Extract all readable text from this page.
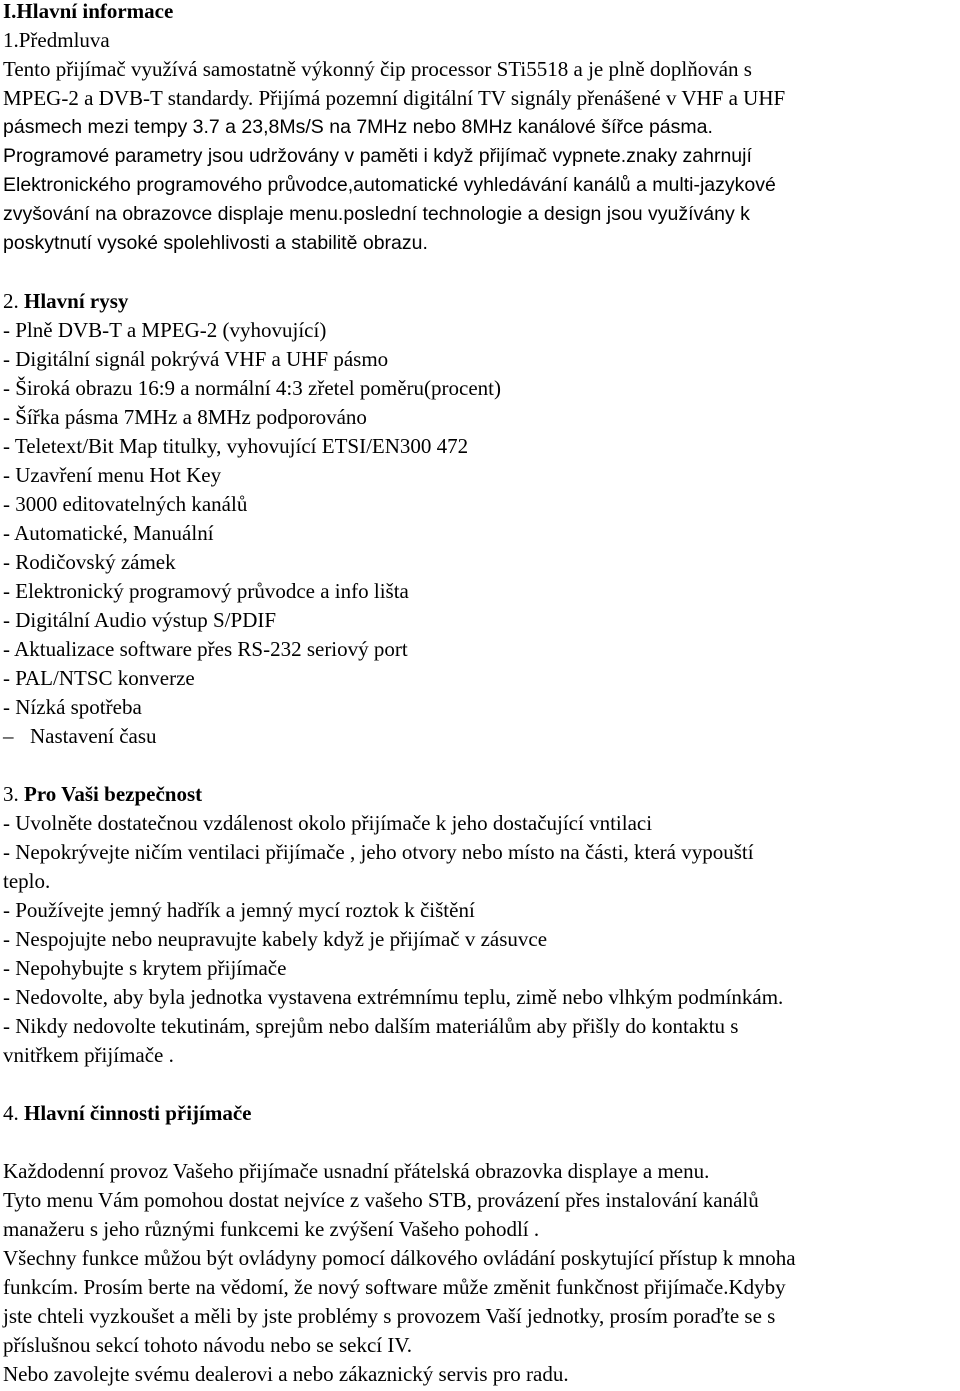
I.Hlavní informace
1.Předmluva
Tento přijímač využívá samostatně výkonný čip processor STi5518 a je plně doplňován s
MPEG-2 a DVB-T standardy. Přijímá pozemní digitální TV signály přenášené v VHF a UHF
pásmech mezi tempy 3.7 a 23,8Ms/S na 7MHz nebo 8MHz kanálové šířce pásma.
Programové parametry jsou udržovány v paměti i když přijímač vypnete.znaky zahrnují
Elektronického programového průvodce,automatické vyhledávání kanálů a multi-jazykové
zvyšování na obrazovce displaje menu.poslední technologie a design jsou využívány k
poskytnutí vysoké spolehlivosti a stabilitě obrazu.
2. Hlavní rysy
- Plně DVB-T a MPEG-2 (vyhovující)
- Digitální signál pokrývá VHF a UHF pásmo
- Široká obrazu 16:9 a normální 4:3 zřetel poměru(procent)
- Šířka pásma 7MHz a 8MHz podporováno
- Teletext/Bit Map titulky, vyhovující ETSI/EN300 472
- Uzavření menu Hot Key
- 3000 editovatelných kanálů
- Automatické, Manuální
- Rodičovský zámek
- Elektronický programový průvodce a info lišta
- Digitální Audio výstup S/PDIF
- Aktualizace software přes RS-232 seriový port
- PAL/NTSC konverze
- Nízká spotřeba
– Nastavení času
3. Pro Vaši bezpečnost
- Uvolněte dostatečnou vzdálenost okolo přijímače k jeho dostačující vntilaci
- Nepokrývejte ničím ventilaci přijímače , jeho otvory nebo místo na části, která vypouští
teplo.
- Používejte jemný hadřík a jemný mycí roztok k čištění
- Nespojujte nebo neupravujte kabely když je přijímač v zásuvce
- Nepohybujte s krytem přijímače
- Nedovolte, aby byla jednotka vystavena extrémnímu teplu, zimě nebo vlhkým podmínkám.
- Nikdy nedovolte tekutinám, sprejům nebo dalším materiálům aby přišly do kontaktu s
vnitřkem přijímače .
4. Hlavní činnosti přijímače
Každodenní provoz Vašeho přijímače usnadní přátelská obrazovka displaye a menu.
Tyto menu Vám pomohou dostat nejvíce z vašeho STB, provázení přes instalování kanálů
manažeru s jeho různými funkcemi ke zvýšení Vašeho pohodlí .
Všechny funkce můžou být ovládyny pomocí dálkového ovládání poskytující přístup k mnoha
funkcím. Prosím berte na vědomí, že nový software může změnit funkčnost přijímače.Kdyby
jste chteli vyzkoušet a měli by jste problémy s provozem Vaší jednotky, prosím poraďte se s
příslušnou sekcí tohoto návodu nebo se sekcí IV.
Nebo zavolejte svému dealerovi a nebo zákaznický servis pro radu.
